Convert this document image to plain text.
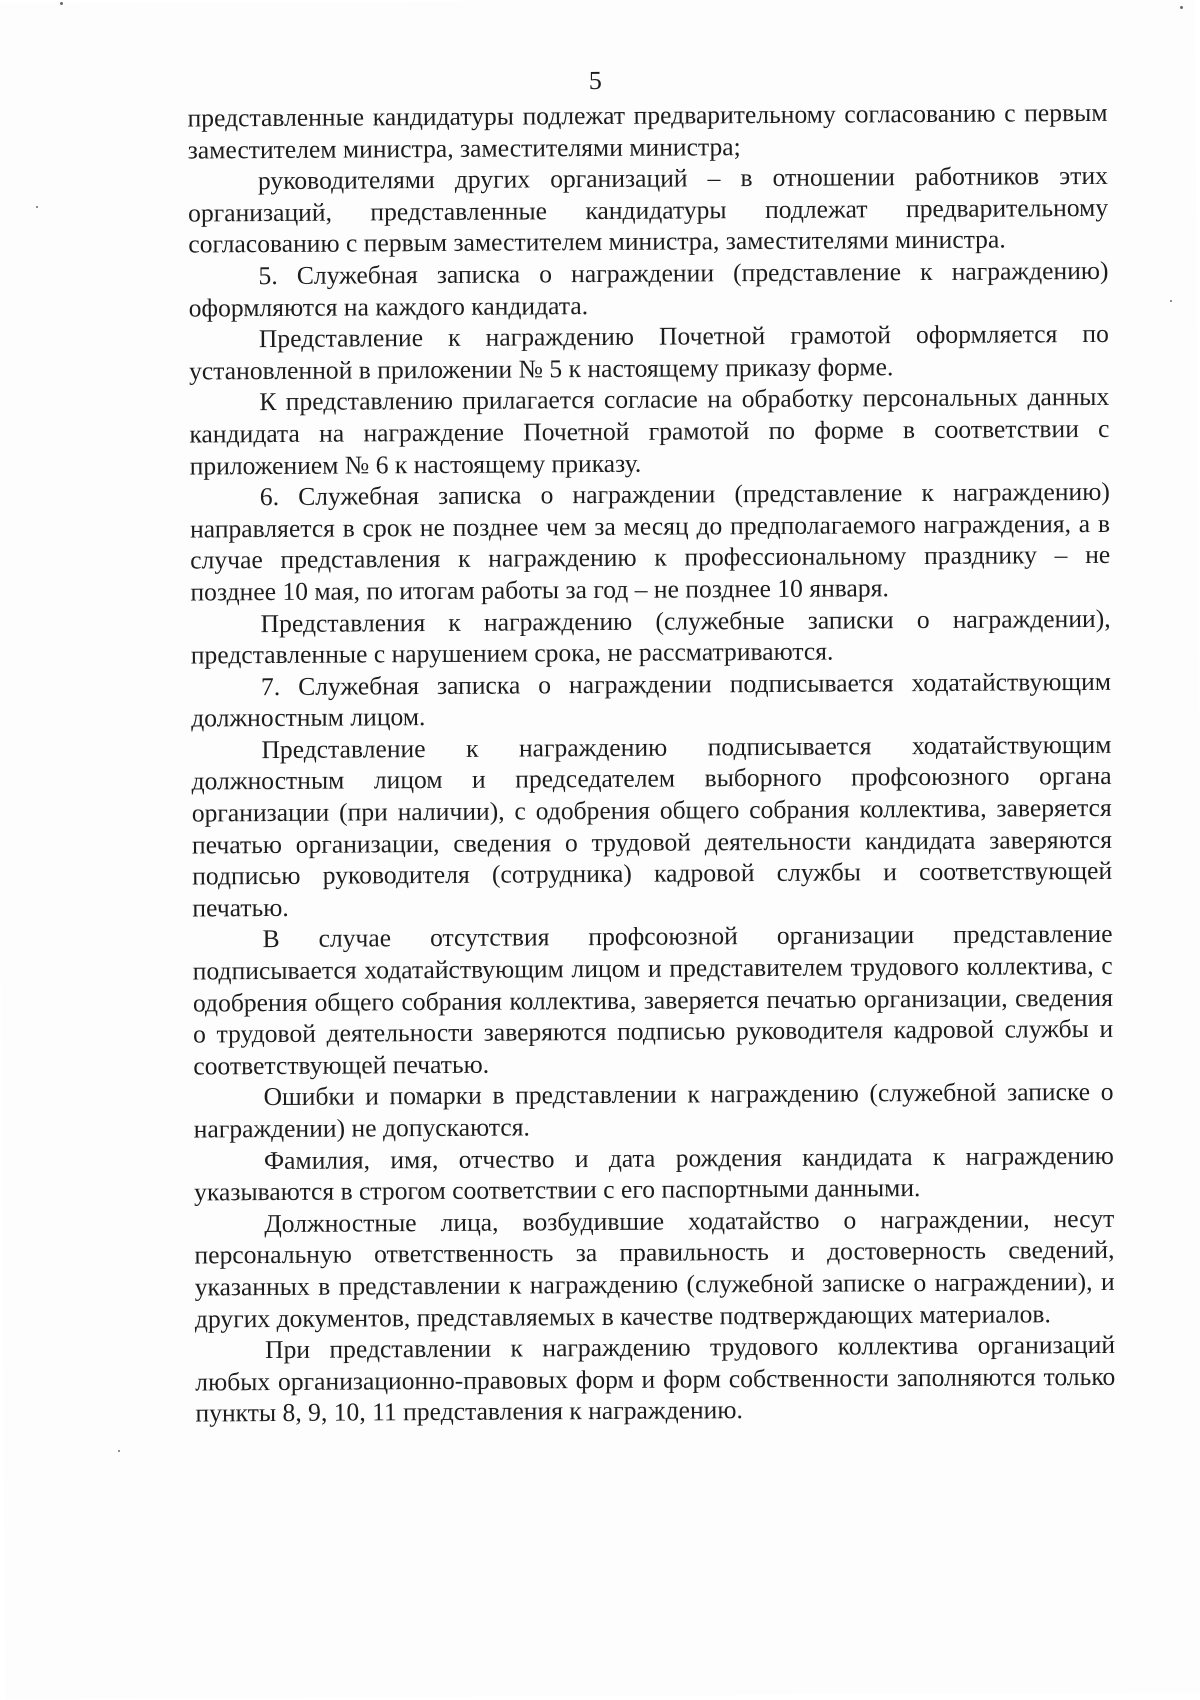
5

представленные кандидатуры подлежат предварительному согласованию с первым заместителем министра, заместителями министра;

руководителями других организаций – в отношении работников этих организаций, представленные кандидатуры подлежат предварительному согласованию с первым заместителем министра, заместителями министра.

5. Служебная записка о награждении (представление к награждению) оформляются на каждого кандидата.

Представление к награждению Почетной грамотой оформляется по установленной в приложении № 5 к настоящему приказу форме.

К представлению прилагается согласие на обработку персональных данных кандидата на награждение Почетной грамотой по форме в соответствии с приложением № 6 к настоящему приказу.

6. Служебная записка о награждении (представление к награждению) направляется в срок не позднее чем за месяц до предполагаемого награждения, а в случае представления к награждению к профессиональному празднику – не позднее 10 мая, по итогам работы за год – не позднее 10 января.

Представления к награждению (служебные записки о награждении), представленные с нарушением срока, не рассматриваются.

7. Служебная записка о награждении подписывается ходатайствующим должностным лицом.

Представление к награждению подписывается ходатайствующим должностным лицом и председателем выборного профсоюзного органа организации (при наличии), с одобрения общего собрания коллектива, заверяется печатью организации, сведения о трудовой деятельности кандидата заверяются подписью руководителя (сотрудника) кадровой службы и соответствующей печатью.

В случае отсутствия профсоюзной организации представление подписывается ходатайствующим лицом и представителем трудового коллектива, с одобрения общего собрания коллектива, заверяется печатью организации, сведения о трудовой деятельности заверяются подписью руководителя кадровой службы и соответствующей печатью.

Ошибки и помарки в представлении к награждению (служебной записке о награждении) не допускаются.

Фамилия, имя, отчество и дата рождения кандидата к награждению указываются в строгом соответствии с его паспортными данными.

Должностные лица, возбудившие ходатайство о награждении, несут персональную ответственность за правильность и достоверность сведений, указанных в представлении к награждению (служебной записке о награждении), и других документов, представляемых в качестве подтверждающих материалов.

При представлении к награждению трудового коллектива организаций любых организационно-правовых форм и форм собственности заполняются только пункты 8, 9, 10, 11 представления к награждению.
